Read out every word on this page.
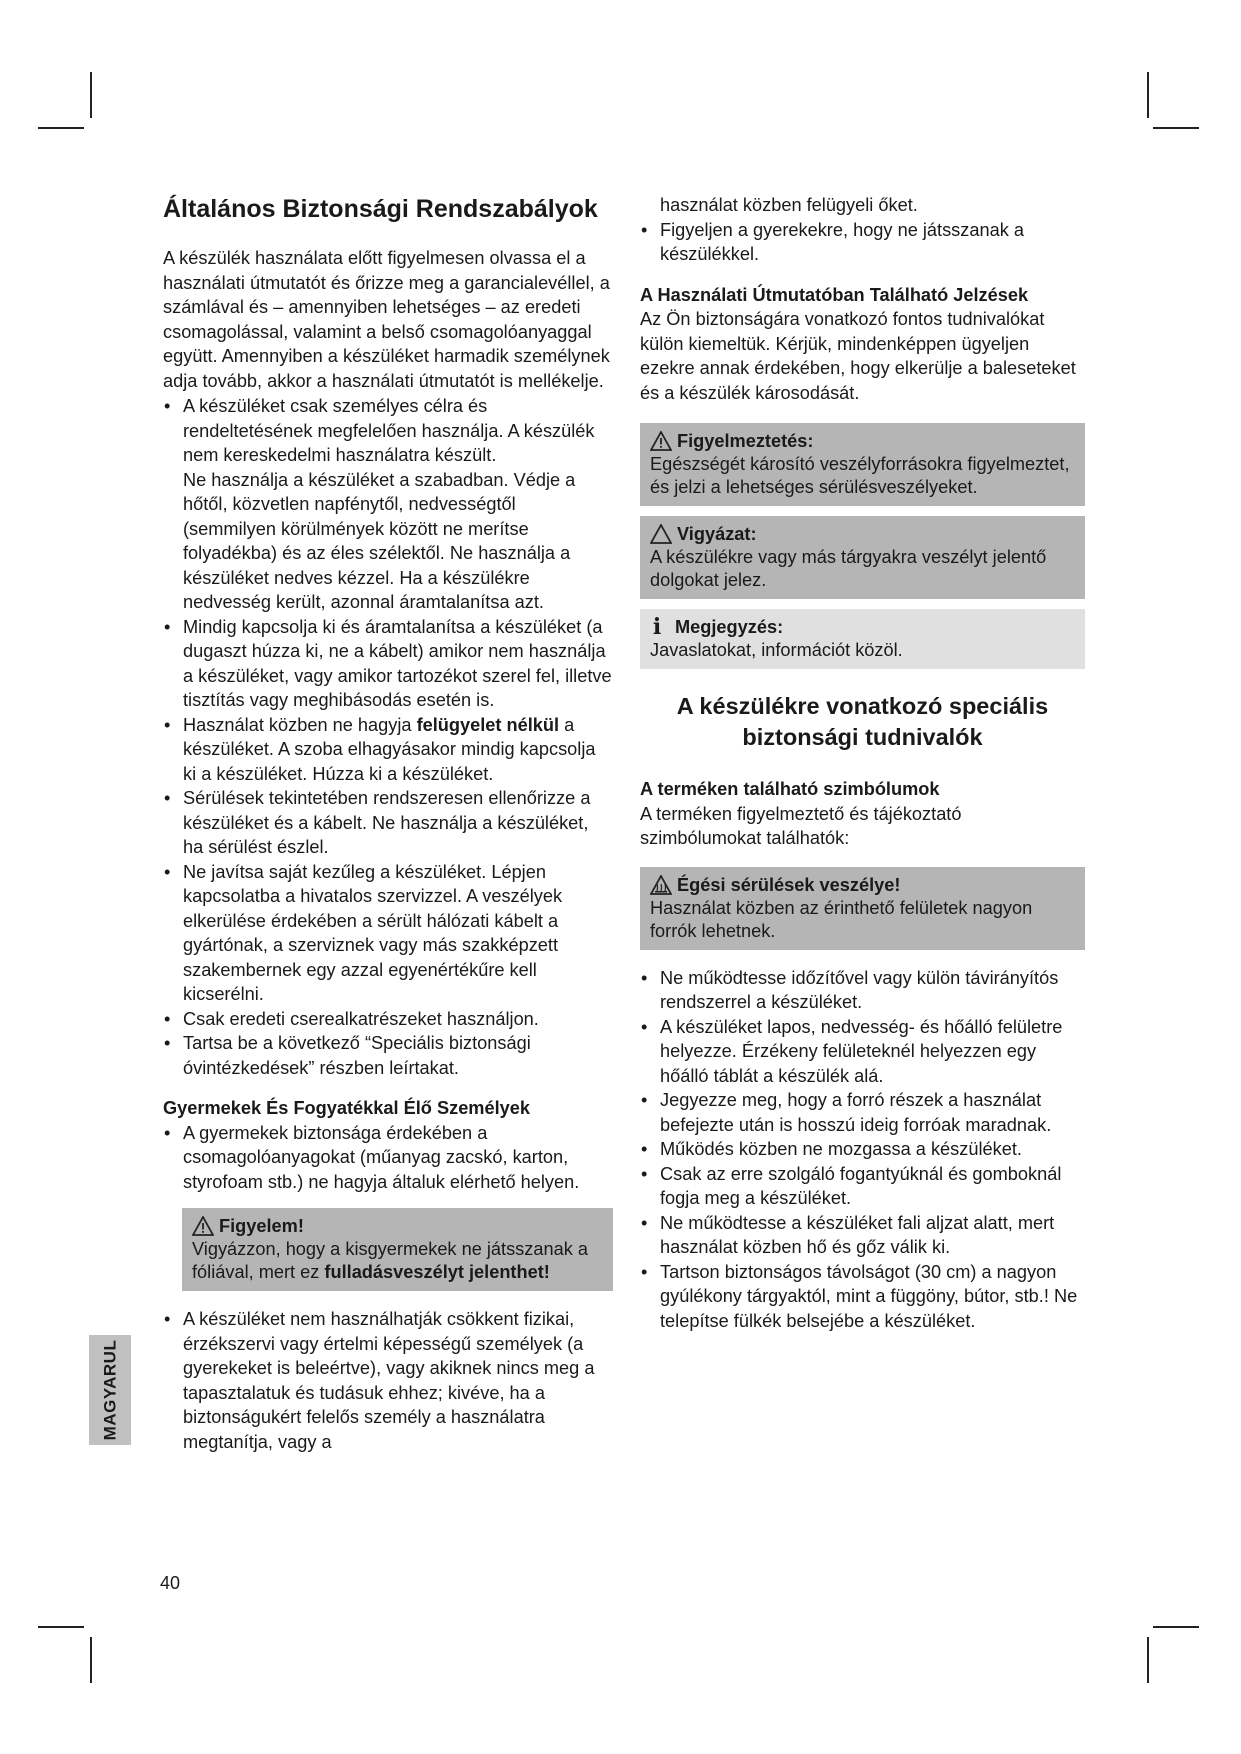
Általános Biztonsági Rendszabályok

A készülék használata előtt figyelmesen olvassa el a használati útmutatót és őrizze meg a garancialevéllel, a számlával és – amennyiben lehetséges – az eredeti csomagolással, valamint a belső csomagolóanyaggal együtt. Amennyiben a készüléket harmadik személynek adja tovább, akkor a használati útmutatót is mellékelje.

• A készüléket csak személyes célra és rendeltetésének megfelelően használja. A készülék nem kereskedelmi használatra készült.
Ne használja a készüléket a szabadban. Védje a hőtől, közvetlen napfénytől, nedvességtől (semmilyen körülmények között ne merítse folyadékba) és az éles szélektől. Ne használja a készüléket nedves kézzel. Ha a készülékre nedvesség került, azonnal áramtalanítsa azt.
• Mindig kapcsolja ki és áramtalanítsa a készüléket (a dugaszt húzza ki, ne a kábelt) amikor nem használja a készüléket, vagy amikor tartozékot szerel fel, illetve tisztítás vagy meghibásodás esetén is.
• Használat közben ne hagyja felügyelet nélkül a készüléket. A szoba elhagyásakor mindig kapcsolja ki a készüléket. Húzza ki a készüléket.
• Sérülések tekintetében rendszeresen ellenőrizze a készüléket és a kábelt. Ne használja a készüléket, ha sérülést észlel.
• Ne javítsa saját kezűleg a készüléket. Lépjen kapcsolatba a hivatalos szervizzel. A veszélyek elkerülése érdekében a sérült hálózati kábelt a gyártónak, a szerviznek vagy más szakképzett szakembernek egy azzal egyenértékűre kell kicserélni.
• Csak eredeti cserealkatrészeket használjon.
• Tartsa be a következő “Speciális biztonsági óvintézkedések” részben leírtakat.
Gyermekek És Fogyatékkal Élő Személyek
• A gyermekek biztonsága érdekében a csomagolóanyagokat (műanyag zacskó, karton, styrofoam stb.) ne hagyja általuk elérhető helyen.
Figyelem!

Vigyázzon, hogy a kisgyermekek ne játsszanak a fóliával, mert ez fulladásveszélyt jelenthet!

• A készüléket nem használhatják csökkent fizikai, érzékszervi vagy értelmi képességű személyek (a gyerekeket is beleértve), vagy akiknek nincs meg a tapasztalatuk és tudásuk ehhez; kivéve, ha a biztonságukért felelős személy a használatra megtanítja, vagy a

használat közben felügyeli őket.

• Figyeljen a gyerekekre, hogy ne játsszanak a készülékkel.
A Használati Útmutatóban Található Jelzések

Az Ön biztonságára vonatkozó fontos tudnivalókat külön kiemeltük. Kérjük, mindenképpen ügyeljen ezekre annak érdekében, hogy elkerülje a baleseteket és a készülék károsodását.

Figyelmeztetés:

Egészségét károsító veszélyforrásokra figyelmeztet, és jelzi a lehetséges sérülésveszélyeket.

Vigyázat:

A készülékre vagy más tárgyakra veszélyt jelentő dolgokat jelez.

i Megjegyzés:

Javaslatokat, információt közöl.

A készülékre vonatkozó speciális biztonsági tudnivalók
A terméken található szimbólumok

A terméken figyelmeztető és tájékoztató szimbólumokat találhatók:

Égési sérülések veszélye!

Használat közben az érinthető felületek nagyon forrók lehetnek.

• Ne működtesse időzítővel vagy külön távirányítós rendszerrel a készüléket.
• A készüléket lapos, nedvesség- és hőálló felületre helyezze. Érzékeny felületeknél helyezzen egy hőálló táblát a készülék alá.
• Jegyezze meg, hogy a forró részek a használat befejezte után is hosszú ideig forróak maradnak.
• Működés közben ne mozgassa a készüléket.
• Csak az erre szolgáló fogantyúknál és gomboknál fogja meg a készüléket.
• Ne működtesse a készüléket fali aljzat alatt, mert használat közben hő és gőz válik ki.
• Tartson biztonságos távolságot (30 cm) a nagyon gyúlékony tárgyaktól, mint a függöny, bútor, stb.! Ne telepítse fülkék belsejébe a készüléket.
MAGYARUL
40
